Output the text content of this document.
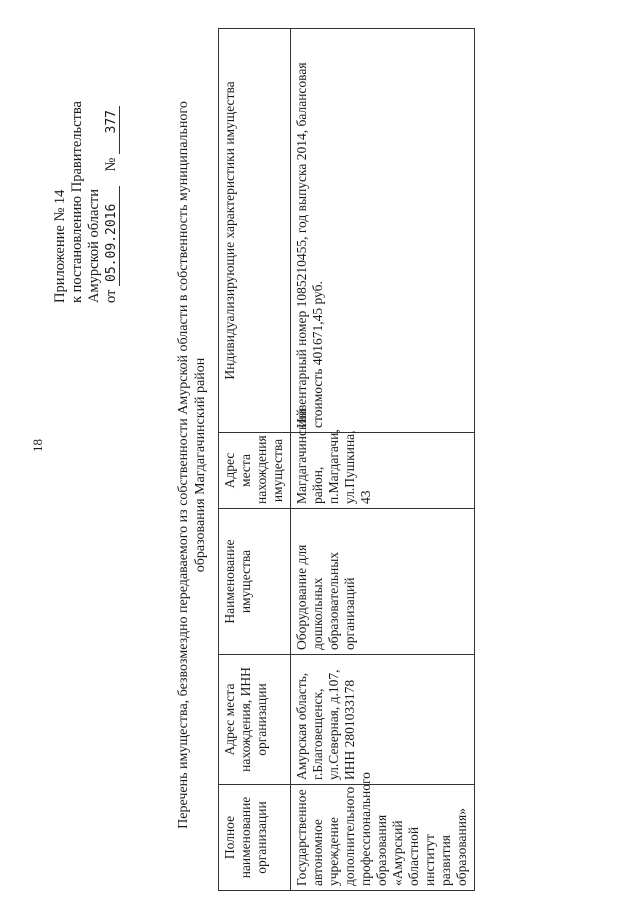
18
Приложение № 14 к постановлению Правительства Амурской области от 05.09.2016    № 377	Перечень имущества, безвозмездно передаваемого из собственности Амурской области в собственность муниципального образования Магдагачинский район
Полное наименование организации	Адрес места нахождения, ИНН организации	Наименование имущества	Адрес места нахождения имущества	Индивидуализирующие характеристики имущества
Государственное автономное учреждение дополнительного профессионального образования «Амурский областной институт развития образования»	Амурская область, г.Благовещенск, ул.Северная, д.107, ИНН 2801033178	Оборудование для дошкольных образовательных организаций	Магдагачинский район, п.Магдагачи, ул.Пушкина, 43	Инвентарный номер 1085210455, год выпуска 2014, балансовая стоимость 401671,45 руб.
